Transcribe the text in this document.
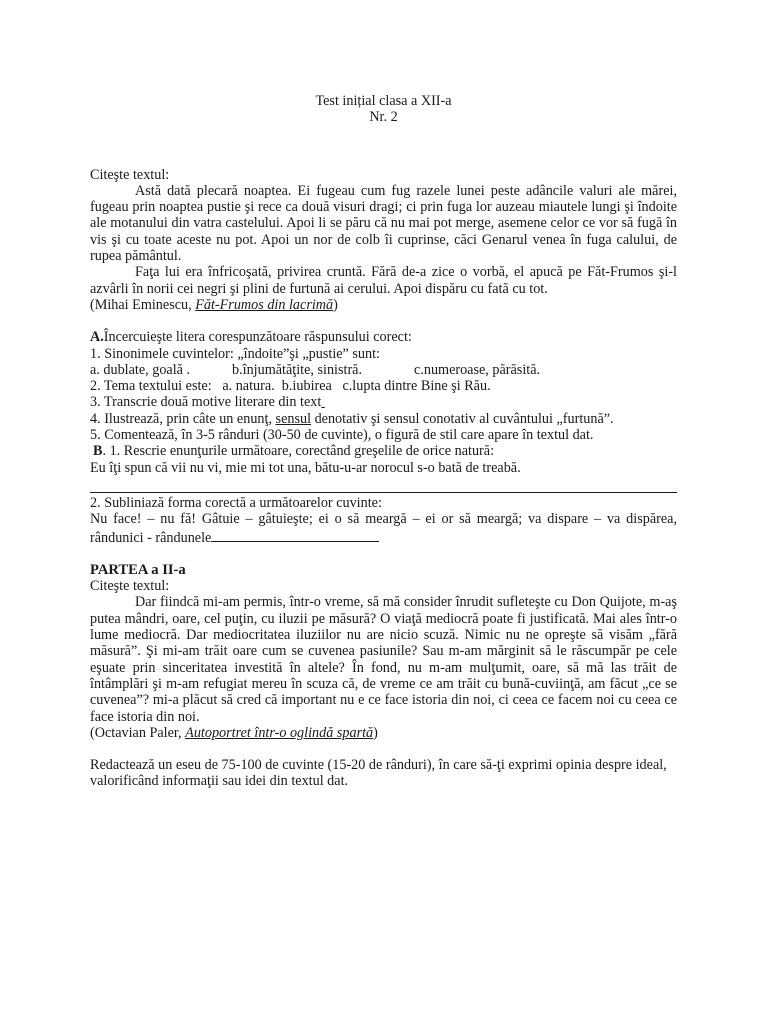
Test inițial clasa a XII-a

Nr. 2

Citeşte textul:

Astă dată plecară noaptea. Ei fugeau cum fug razele lunei peste adâncile valuri ale mărei, fugeau prin noaptea pustie şi rece ca două visuri dragi; ci prin fuga lor auzeau miautele lungi şi îndoite ale motanului din vatra castelului. Apoi li se păru că nu mai pot merge, asemene celor ce vor să fugă în vis şi cu toate aceste nu pot. Apoi un nor de colb îi cuprinse, căci Genarul venea în fuga calului, de rupea pământul.

Faţa lui era înfricoşată, privirea cruntă. Fără de-a zice o vorbă, el apucă pe Făt-Frumos şi-l azvârli în norii cei negri şi plini de furtună ai cerului. Apoi dispăru cu fată cu tot.

(Mihai Eminescu, Făt-Frumos din lacrimă)

A.Încercuieşte litera corespunzătoare răspunsului corect:

1. Sinonimele cuvintelor: „îndoite”şi „pustie” sunt:

a. dublate, goală .	b.înjumătăţite, sinistră.	c.numeroase, părăsită.

2. Tema textului este:   a. natura.  b.iubirea   c.lupta dintre Bine şi Rău.

3. Transcrie două motive literare din text

4. Ilustrează, prin câte un enunţ, sensul denotativ şi sensul conotativ al cuvântului „furtună”.

5. Comentează, în 3-5 rânduri (30-50 de cuvinte), o figură de stil care apare în textul dat.

B. 1. Rescrie enunţurile următoare, corectând greşelile de orice natură:

Eu îţi spun că vii nu vi, mie mi tot una, bătu-u-ar norocul s-o bată de treabă.

2. Subliniază forma corectă a următoarelor cuvinte:

Nu face! – nu fă! Gâtuie – gâtuieşte; ei o să meargă – ei or să meargă; va dispare – va dispărea, rândunici - rândunele

PARTEA a II-a

Citeşte textul:

Dar fiindcă mi-am permis, într-o vreme, să mă consider înrudit sufleteşte cu Don Quijote, m-aş putea mândri, oare, cel puţin, cu iluzii pe măsură? O viaţă mediocră poate fi justificată. Mai ales într-o lume mediocră. Dar mediocritatea iluziilor nu are nicio scuză. Nimic nu ne opreşte să visăm „fără măsură”. Şi mi-am trăit oare cum se cuvenea pasiunile? Sau m-am mărginit să le răscumpăr pe cele eşuate prin sinceritatea investită în altele? În fond, nu m-am mulţumit, oare, să mă las trăit de întâmplări şi m-am refugiat mereu în scuza că, de vreme ce am trăit cu bună-cuviinţă, am făcut „ce se cuvenea”? mi-a plăcut să cred că important nu e ce face istoria din noi, ci ceea ce facem noi cu ceea ce face istoria din noi.

(Octavian Paler, Autoportret într-o oglindă spartă)

Redactează un eseu de 75-100 de cuvinte (15-20 de rânduri), în care să-ţi exprimi opinia despre ideal, valorificând informaţii sau idei din textul dat.
